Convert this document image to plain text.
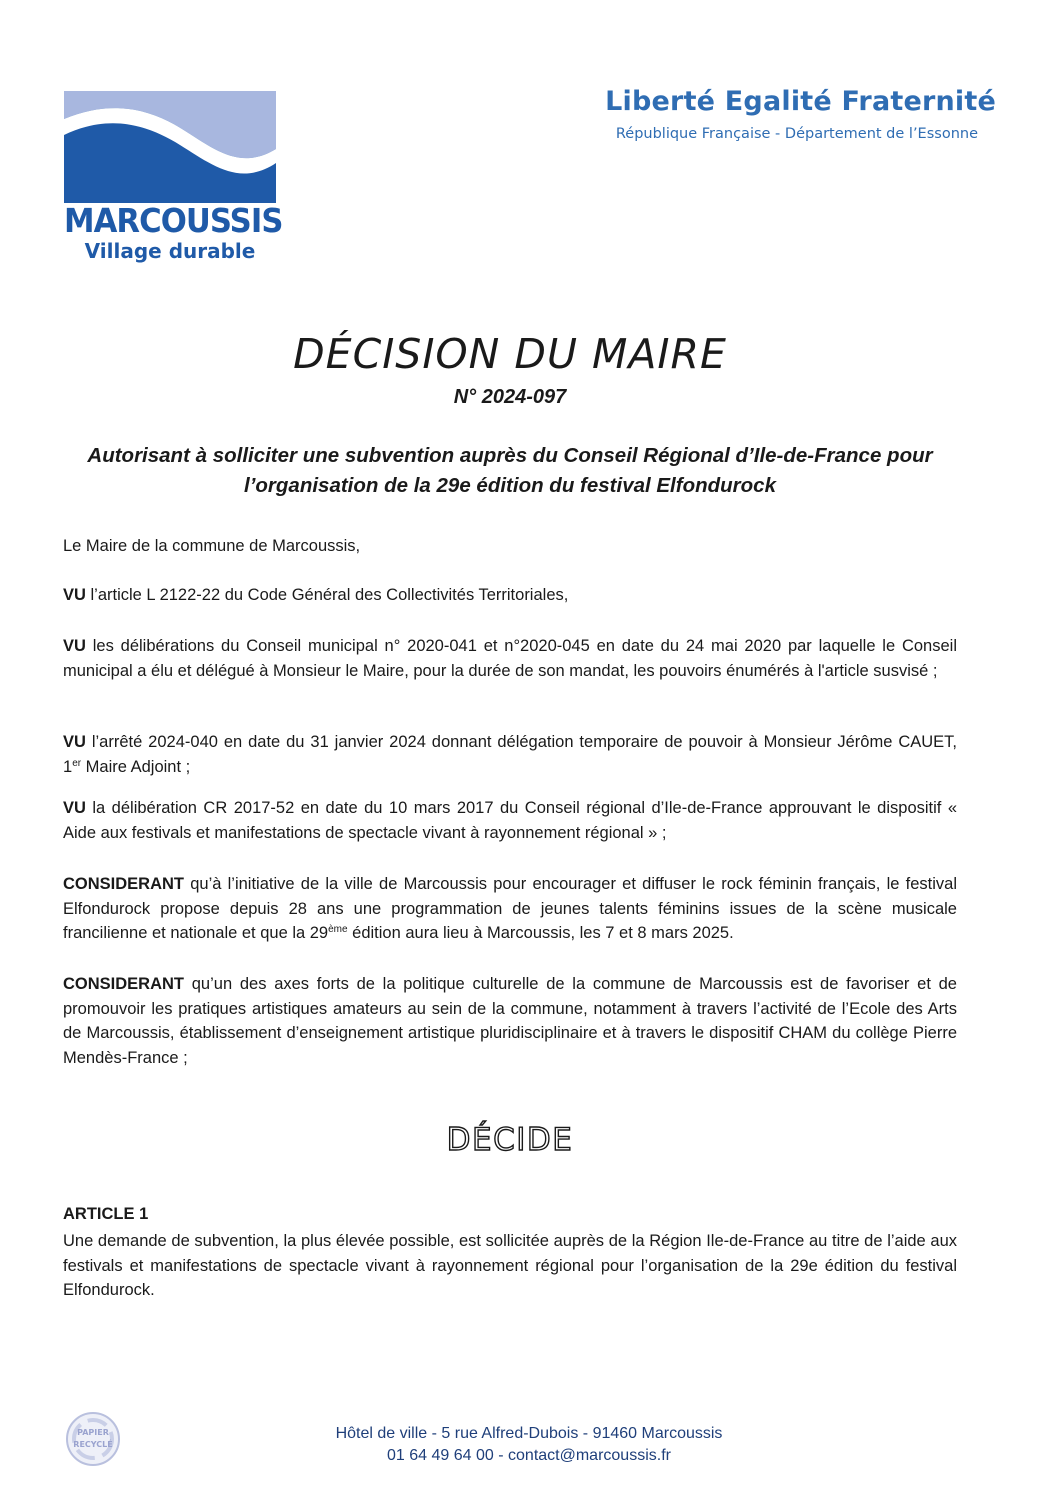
MARCOUSSIS
Village durable
Liberté Egalité Fraternité
République Française - Département de l’Essonne
DÉCISION DU MAIRE
N° 2024-097
Autorisant à solliciter une subvention auprès du Conseil Régional d’Ile-de-France pour
l’organisation de la 29e édition du festival Elfondurock
Le Maire de la commune de Marcoussis,
VU l’article L 2122-22 du Code Général des Collectivités Territoriales,
VU les délibérations du Conseil municipal n° 2020-041 et n°2020-045 en date du 24 mai 2020 par laquelle le Conseil municipal a élu et délégué à Monsieur le Maire, pour la durée de son mandat, les pouvoirs énumérés à l'article susvisé ;
VU l’arrêté 2024-040 en date du 31 janvier 2024 donnant délégation temporaire de pouvoir à Monsieur Jérôme CAUET, 1er Maire Adjoint ;
VU la délibération CR 2017-52 en date du 10 mars 2017 du Conseil régional d’Ile-de-France approuvant le dispositif « Aide aux festivals et manifestations de spectacle vivant à rayonnement régional » ;
CONSIDERANT qu’à l’initiative de la ville de Marcoussis pour encourager et diffuser le rock féminin français, le festival Elfondurock propose depuis 28 ans une programmation de jeunes talents féminins issues de la scène musicale francilienne et nationale et que la 29ème édition aura lieu à Marcoussis, les 7 et 8 mars 2025.
CONSIDERANT qu’un des axes forts de la politique culturelle de la commune de Marcoussis est de favoriser et de promouvoir les pratiques artistiques amateurs au sein de la commune, notamment à travers l’activité de l’Ecole des Arts de Marcoussis, établissement d’enseignement artistique pluridisciplinaire et à travers le dispositif CHAM du collège Pierre Mendès-France ;
DÉCIDE
ARTICLE 1
Une demande de subvention, la plus élevée possible, est sollicitée auprès de la Région Ile-de-France au titre de l’aide aux festivals et manifestations de spectacle vivant à rayonnement régional pour l’organisation de la 29e édition du festival Elfondurock.
PAPIER
RECYCLÉ
Hôtel de ville - 5 rue Alfred-Dubois - 91460 Marcoussis
01 64 49 64 00 - contact@marcoussis.fr
